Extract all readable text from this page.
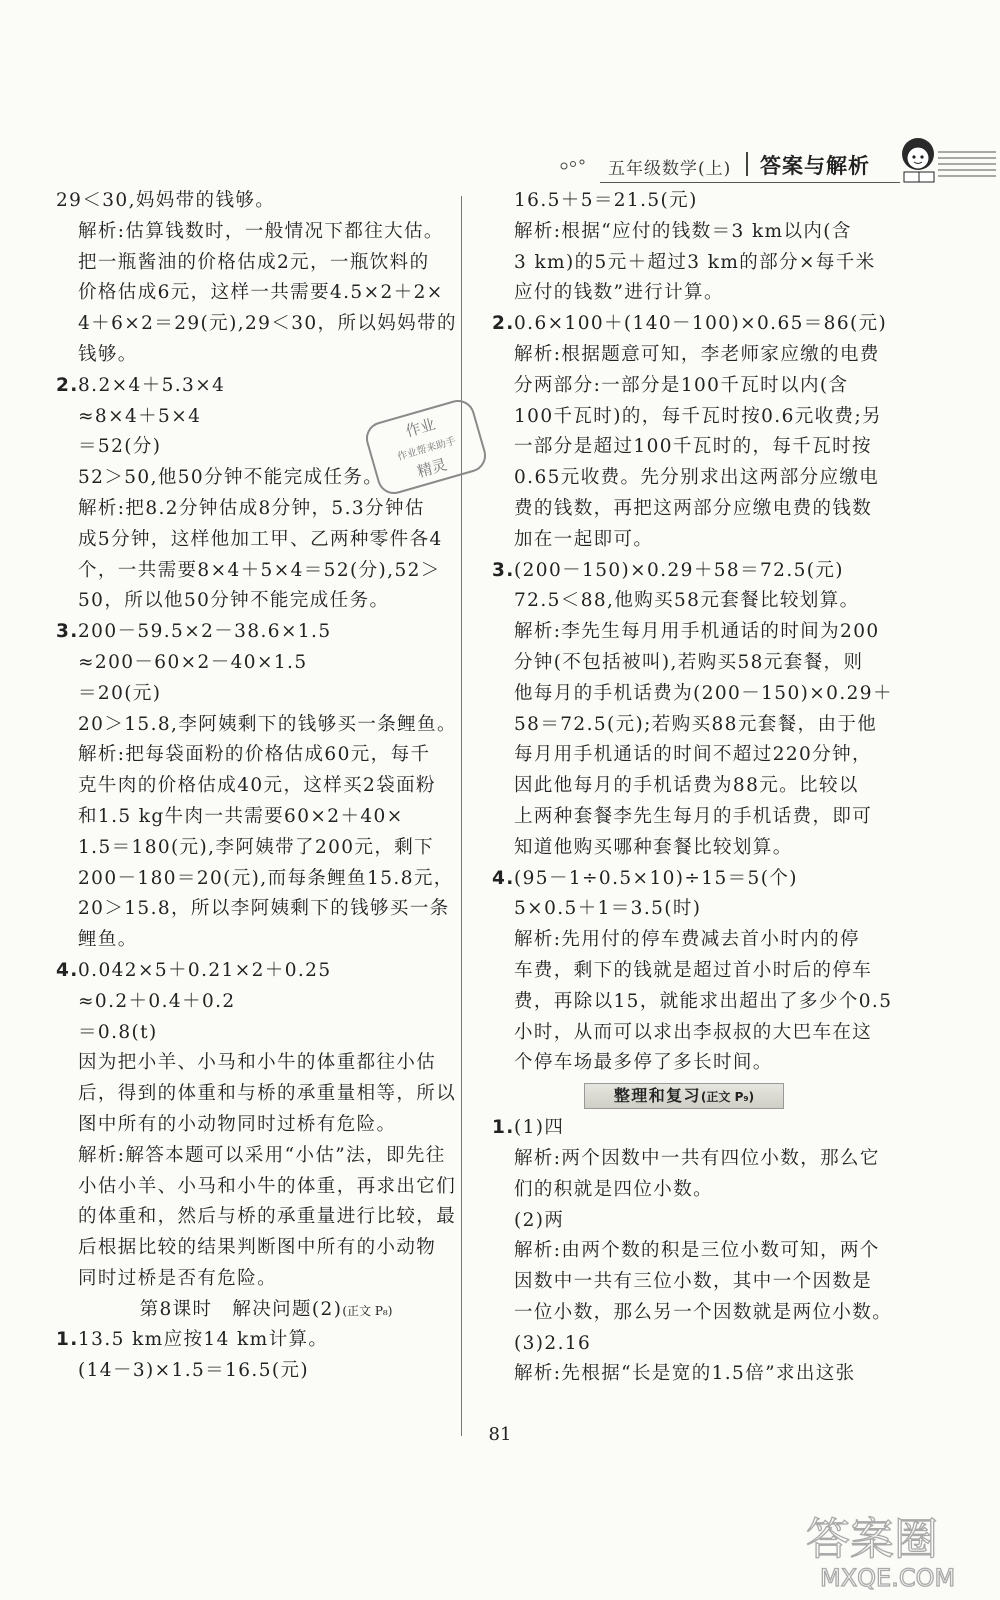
五年级数学(上) 答案与解析
29＜30,妈妈带的钱够。
解析:估算钱数时，一般情况下都往大估。
把一瓶酱油的价格估成2元，一瓶饮料的
价格估成6元，这样一共需要4.5×2＋2×
4＋6×2＝29(元),29＜30，所以妈妈带的
钱够。
2.8.2×4＋5.3×4
≈8×4＋5×4
＝52(分)
52＞50,他50分钟不能完成任务。
解析:把8.2分钟估成8分钟，5.3分钟估
成5分钟，这样他加工甲、乙两种零件各4
个，一共需要8×4＋5×4＝52(分),52＞
50，所以他50分钟不能完成任务。
3.200－59.5×2－38.6×1.5
≈200－60×2－40×1.5
＝20(元)
20＞15.8,李阿姨剩下的钱够买一条鲤鱼。
解析:把每袋面粉的价格估成60元，每千
克牛肉的价格估成40元，这样买2袋面粉
和1.5 kg牛肉一共需要60×2＋40×
1.5＝180(元),李阿姨带了200元，剩下
200－180＝20(元),而每条鲤鱼15.8元，
20＞15.8，所以李阿姨剩下的钱够买一条
鲤鱼。
4.0.042×5＋0.21×2＋0.25
≈0.2＋0.4＋0.2
＝0.8(t)
因为把小羊、小马和小牛的体重都往小估
后，得到的体重和与桥的承重量相等，所以
图中所有的小动物同时过桥有危险。
解析:解答本题可以采用“小估”法，即先往
小估小羊、小马和小牛的体重，再求出它们
的体重和，然后与桥的承重量进行比较，最
后根据比较的结果判断图中所有的小动物
同时过桥是否有危险。
第8课时　解决问题(2)(正文 P₈)
1.13.5 km应按14 km计算。
(14－3)×1.5＝16.5(元)
16.5＋5＝21.5(元)
解析:根据“应付的钱数＝3 km以内(含
3 km)的5元＋超过3 km的部分×每千米
应付的钱数”进行计算。
2.0.6×100＋(140－100)×0.65＝86(元)
解析:根据题意可知，李老师家应缴的电费
分两部分:一部分是100千瓦时以内(含
100千瓦时)的，每千瓦时按0.6元收费;另
一部分是超过100千瓦时的，每千瓦时按
0.65元收费。先分别求出这两部分应缴电
费的钱数，再把这两部分应缴电费的钱数
加在一起即可。
3.(200－150)×0.29＋58＝72.5(元)
72.5＜88,他购买58元套餐比较划算。
解析:李先生每月用手机通话的时间为200
分钟(不包括被叫),若购买58元套餐，则
他每月的手机话费为(200－150)×0.29＋
58＝72.5(元);若购买88元套餐，由于他
每月用手机通话的时间不超过220分钟，
因此他每月的手机话费为88元。比较以
上两种套餐李先生每月的手机话费，即可
知道他购买哪种套餐比较划算。
4.(95－1÷0.5×10)÷15＝5(个)
5×0.5＋1＝3.5(时)
解析:先用付的停车费减去首小时内的停
车费，剩下的钱就是超过首小时后的停车
费，再除以15，就能求出超出了多少个0.5
小时，从而可以求出李叔叔的大巴车在这
个停车场最多停了多长时间。
整理和复习(正文 P₉)
1.(1)四
解析:两个因数中一共有四位小数，那么它
们的积就是四位小数。
(2)两
解析:由两个数的积是三位小数可知，两个
因数中一共有三位小数，其中一个因数是
一位小数，那么另一个因数就是两位小数。
(3)2.16
解析:先根据“长是宽的1.5倍”求出这张
作业
作业帮来助手
精灵
81
答案圈
MXQE.COM
